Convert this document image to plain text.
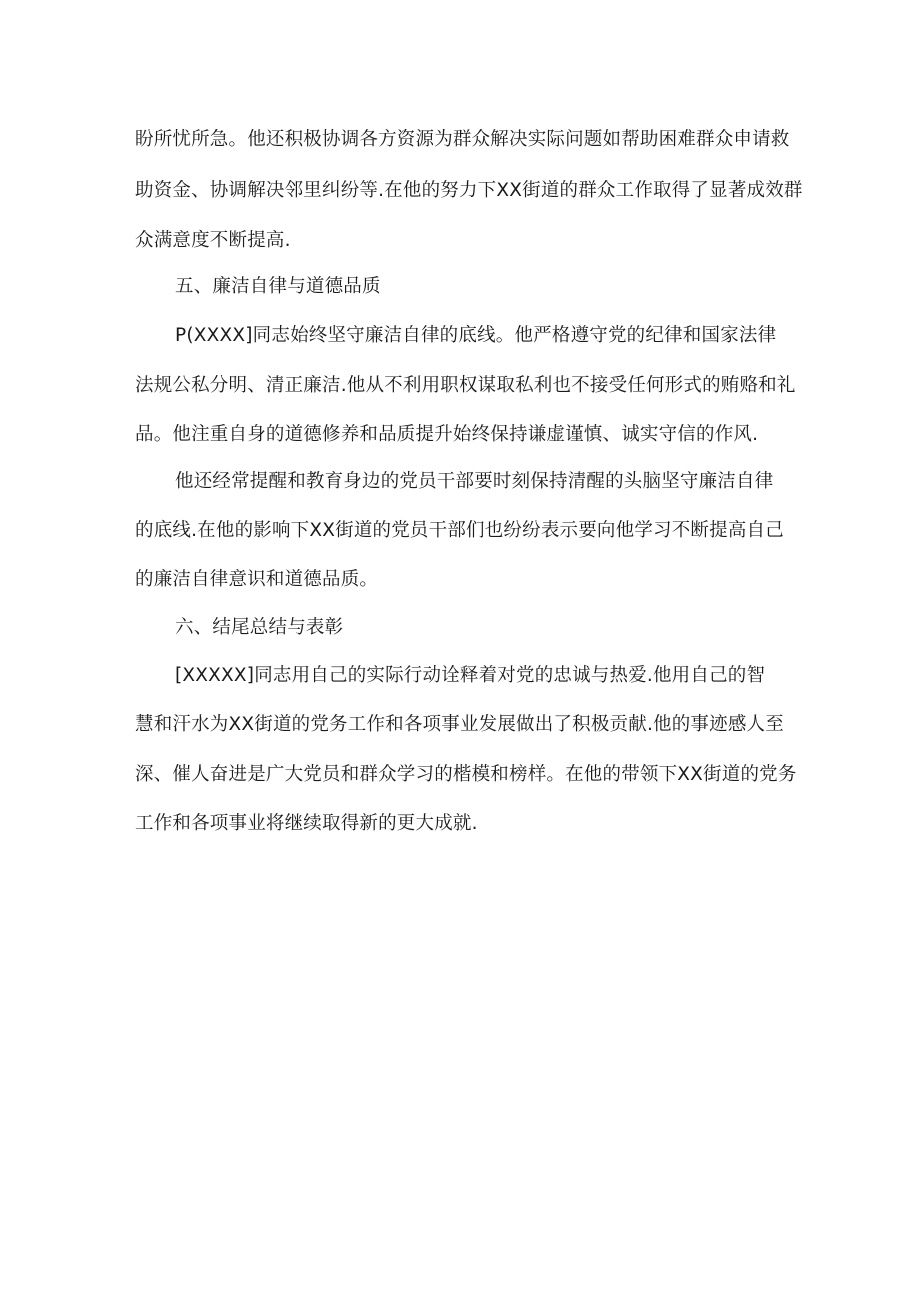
盼所忧所急。他还积极协调各方资源为群众解决实际问题如帮助困难群众申请救
助资金、协调解决邻里纠纷等.在他的努力下XX街道的群众工作取得了显著成效群
众满意度不断提高.
五、廉洁自律与道德品质
P(XXXX]同志始终坚守廉洁自律的底线。他严格遵守党的纪律和国家法律
法规公私分明、清正廉洁.他从不利用职权谋取私利也不接受任何形式的贿赂和礼
品。他注重自身的道德修养和品质提升始终保持谦虚谨慎、诚实守信的作风.
他还经常提醒和教育身边的党员干部要时刻保持清醒的头脑坚守廉洁自律
的底线.在他的影响下XX街道的党员干部们也纷纷表示要向他学习不断提高自己
的廉洁自律意识和道德品质。
六、结尾总结与表彰
[XXXXX]同志用自己的实际行动诠释着对党的忠诚与热爱.他用自己的智
慧和汗水为XX街道的党务工作和各项事业发展做出了积极贡献.他的事迹感人至
深、催人奋进是广大党员和群众学习的楷模和榜样。在他的带领下XX街道的党务
工作和各项事业将继续取得新的更大成就.
